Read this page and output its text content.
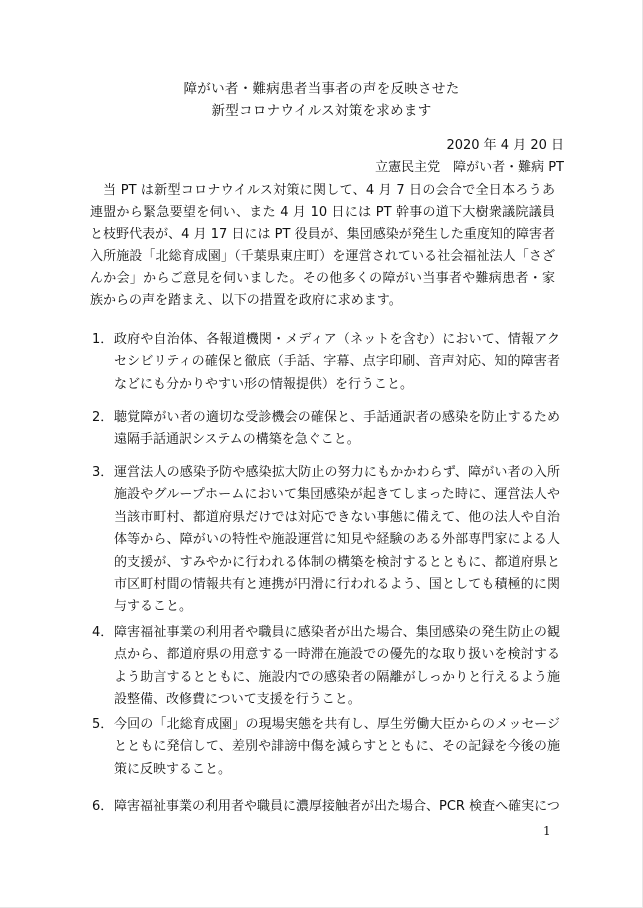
障がい者・難病患者当事者の声を反映させた
新型コロナウイルス対策を求めます
2020 年 4 月 20 日
立憲民主党　障がい者・難病 PT
当 PT は新型コロナウイルス対策に関して、4 月 7 日の会合で全日本ろうあ連盟から緊急要望を伺い、また 4 月 10 日には PT 幹事の道下大樹衆議院議員と枝野代表が、4 月 17 日には PT 役員が、集団感染が発生した重度知的障害者入所施設「北総育成園」（千葉県東庄町）を運営されている社会福祉法人「さざんか会」からご意見を伺いました。その他多くの障がい当事者や難病患者・家族からの声を踏まえ、以下の措置を政府に求めます。
1． 政府や自治体、各報道機関・メディア（ネットを含む）において、情報アクセシビリティの確保と徹底（手話、字幕、点字印刷、音声対応、知的障害者などにも分かりやすい形の情報提供）を行うこと。
2． 聴覚障がい者の適切な受診機会の確保と、手話通訳者の感染を防止するため遠隔手話通訳システムの構築を急ぐこと。
3． 運営法人の感染予防や感染拡大防止の努力にもかかわらず、障がい者の入所施設やグループホームにおいて集団感染が起きてしまった時に、運営法人や当該市町村、都道府県だけでは対応できない事態に備えて、他の法人や自治体等から、障がいの特性や施設運営に知見や経験のある外部専門家による人的支援が、すみやかに行われる体制の構築を検討するとともに、都道府県と市区町村間の情報共有と連携が円滑に行われるよう、国としても積極的に関与すること。
4． 障害福祉事業の利用者や職員に感染者が出た場合、集団感染の発生防止の観点から、都道府県の用意する一時滞在施設での優先的な取り扱いを検討するよう助言するとともに、施設内での感染者の隔離がしっかりと行えるよう施設整備、改修費について支援を行うこと。
5． 今回の「北総育成園」の現場実態を共有し、厚生労働大臣からのメッセージとともに発信して、差別や誹謗中傷を減らすとともに、その記録を今後の施策に反映すること。
6． 障害福祉事業の利用者や職員に濃厚接触者が出た場合、PCR 検査へ確実につ
1
